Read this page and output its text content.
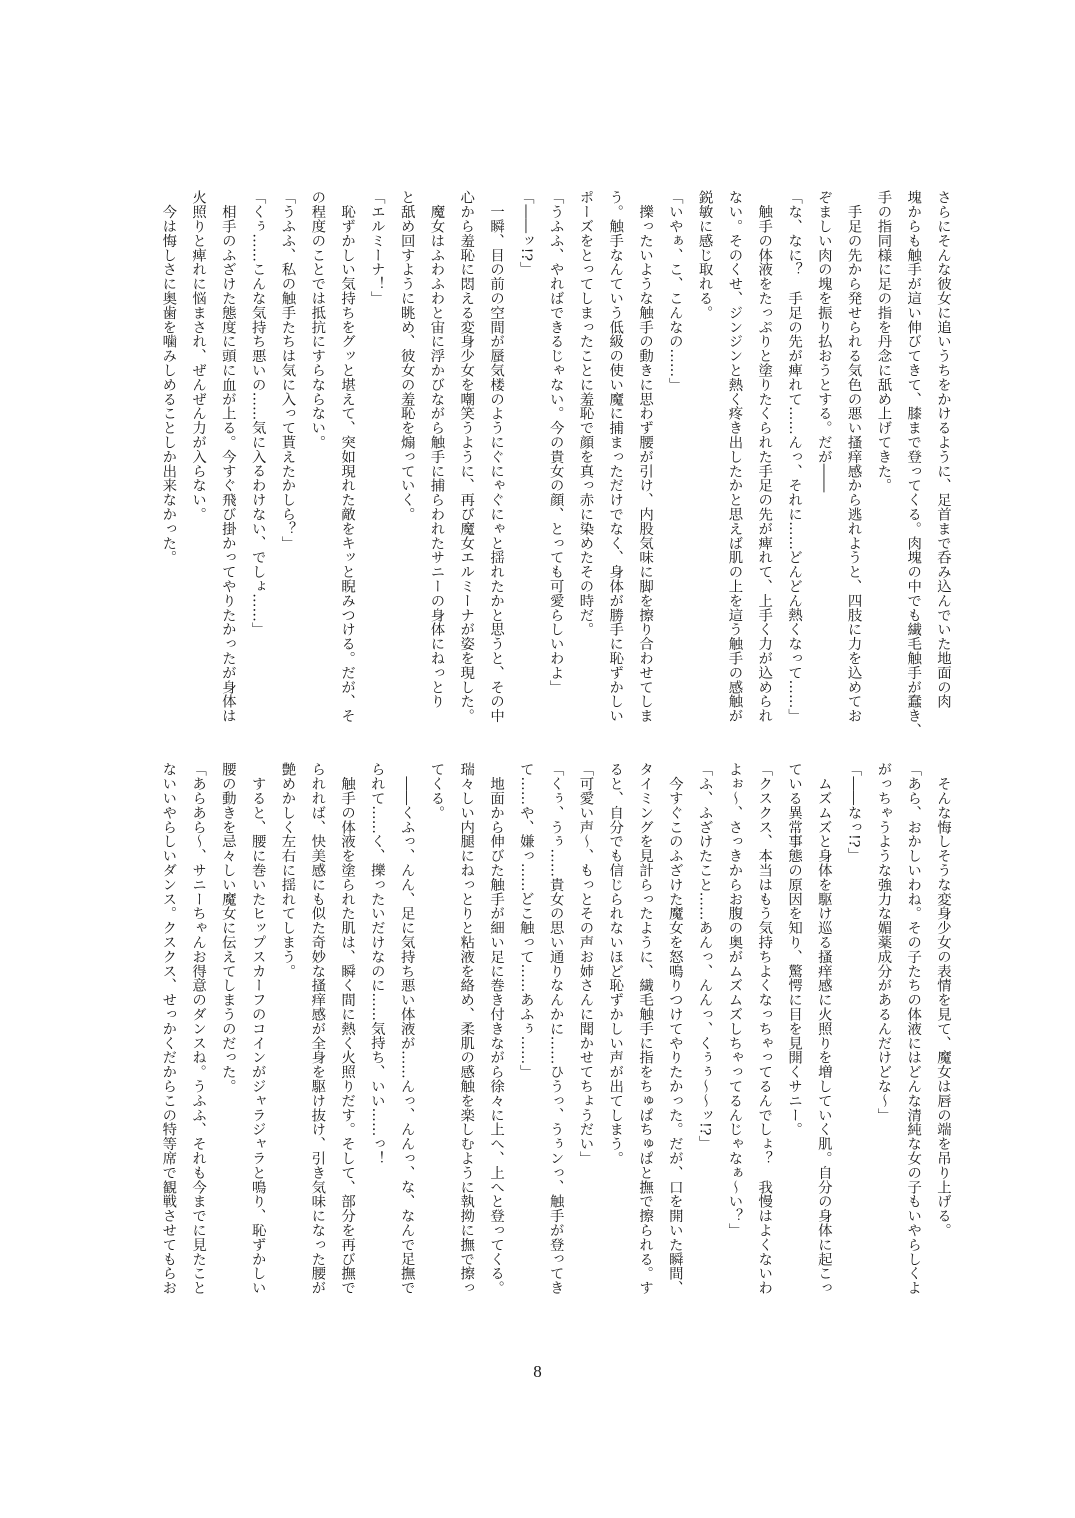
さらにそんな彼女に追いうちをかけるように、足首まで呑み込んでいた地面の肉
塊からも触手が這い伸びてきて、膝まで登ってくる。肉塊の中でも繊毛触手が蠢き、
手の指同様に足の指を丹念に舐め上げてきた。
　手足の先から発せられる気色の悪い搔痒感から逃れようと、四肢に力を込めてお
ぞましい肉の塊を振り払おうとする。だが――
「な、なに？　手足の先が痺れて……んっ、それに……どんどん熱くなって……」
　触手の体液をたっぷりと塗りたくられた手足の先が痺れて、上手く力が込められ
ない。そのくせ、ジンジンと熱く疼き出したかと思えば肌の上を這う触手の感触が
鋭敏に感じ取れる。
「いやぁ、こ、こんなの……」
　擽ったいような触手の動きに思わず腰が引け、内股気味に脚を擦り合わせてしま
う。触手なんていう低級の使い魔に捕まっただけでなく、身体が勝手に恥ずかしい
ポーズをとってしまったことに羞恥で顔を真っ赤に染めたその時だ。
「うふふ、やればできるじゃない。今の貴女の顔、とっても可愛らしいわよ」
「――ッ!?」
　一瞬、目の前の空間が蜃気楼のようにぐにゃぐにゃと揺れたかと思うと、その中
心から羞恥に悶える変身少女を嘲笑うように、再び魔女エルミーナが姿を現した。
　魔女はふわふわと宙に浮かびながら触手に捕らわれたサニーの身体にねっとり
と舐め回すように眺め、彼女の羞恥を煽っていく。
「エルミーナ！」
　恥ずかしい気持ちをグッと堪えて、突如現れた敵をキッと睨みつける。だが、そ
の程度のことでは抵抗にすらならない。
「うふふ、私の触手たちは気に入って貰えたかしら？」
「くぅ……こんな気持ち悪いの……気に入るわけない、でしょ……」
　相手のふざけた態度に頭に血が上る。今すぐ飛び掛かってやりたかったが身体は
火照りと痺れに悩まされ、ぜんぜん力が入らない。
　今は悔しさに奥歯を噛みしめることしか出来なかった。
　そんな悔しそうな変身少女の表情を見て、魔女は唇の端を吊り上げる。
「あら、おかしいわね。その子たちの体液にはどんな清純な女の子もいやらしくよ
がっちゃうような強力な媚薬成分があるんだけどな～」
「――なっ!?」
　ムズムズと身体を駆け巡る搔痒感に火照りを増していく肌。自分の身体に起こっ
ている異常事態の原因を知り、驚愕に目を見開くサニー。
「クスクス、本当はもう気持ちよくなっちゃってるんでしょ？　我慢はよくないわ
よぉ～、さっきからお腹の奥がムズムズしちゃってるんじゃなぁ～い？」
「ふ、ふざけたこと……あんっ、んんっ、くぅぅ～～ッ!?」
　今すぐこのふざけた魔女を怒鳴りつけてやりたかった。だが、口を開いた瞬間、
タイミングを見計らったように、繊毛触手に指をちゅぱちゅぱと撫で擦られる。す
ると、自分でも信じられないほど恥ずかしい声が出てしまう。
「可愛い声～、もっとその声お姉さんに聞かせてちょうだい」
「くぅ、うぅ……貴女の思い通りなんかに……ひうっ、うぅンっ、触手が登ってき
て……や、嫌っ……どこ触って……あふぅ……」
　地面から伸びた触手が細い足に巻き付きながら徐々に上へ、上へと登ってくる。
瑞々しい内腿にねっとりと粘液を絡め、柔肌の感触を楽しむように執拗に撫で擦っ
てくる。
　――くふっ、んん、足に気持ち悪い体液が……んっ、んんっ、な、なんで足撫で
られて……く、擽ったいだけなのに……気持ち、いい……っ！
　触手の体液を塗られた肌は、瞬く間に熱く火照りだす。そして、部分を再び撫で
られれば、快美感にも似た奇妙な搔痒感が全身を駆け抜け、引き気味になった腰が
艶めかしく左右に揺れてしまう。
　すると、腰に巻いたヒップスカーフのコインがジャラジャラと鳴り、恥ずかしい
腰の動きを忌々しい魔女に伝えてしまうのだった。
「あらあら～、サニーちゃんお得意のダンスね。うふふ、それも今までに見たこと
ないいやらしいダンス。クスクス、せっかくだからこの特等席で観戦させてもらお
8
